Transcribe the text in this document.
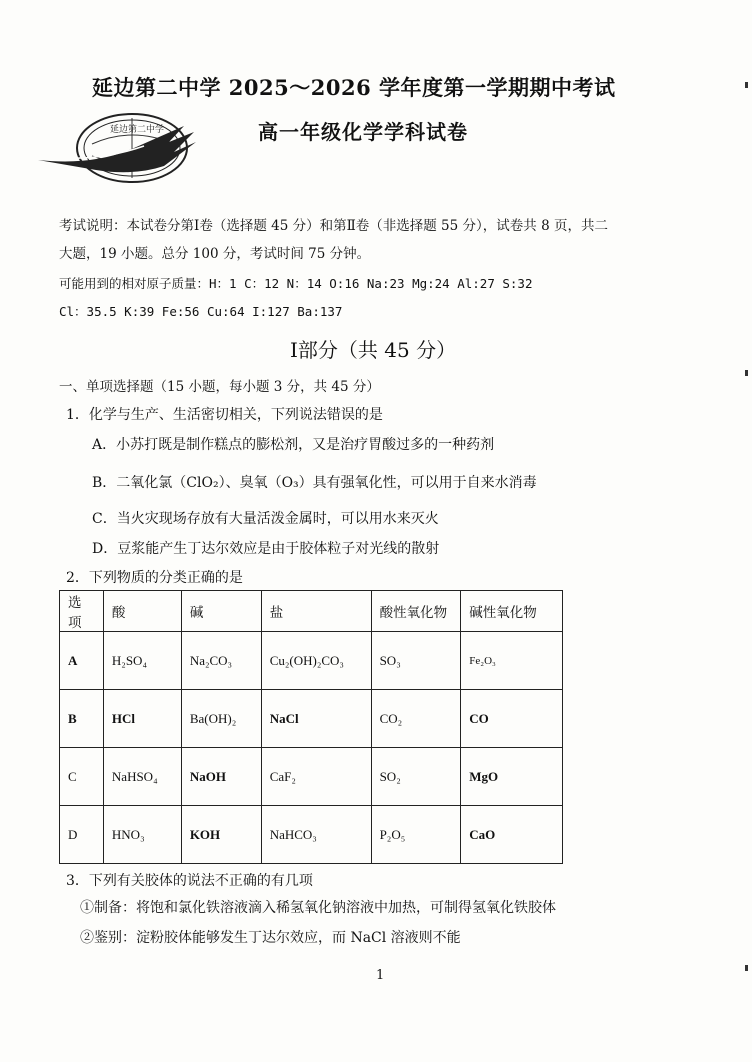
延边第二中学
延边第二中学 2025～2026 学年度第一学期期中考试
高一年级化学学科试卷
考试说明：本试卷分第Ⅰ卷（选择题 45 分）和第Ⅱ卷（非选择题 55 分），试卷共 8 页，共二
大题，19 小题。总分 100 分，考试时间 75 分钟。
可能用到的相对原子质量：H：1 C：12 N：14 O:16 Na:23 Mg:24 Al:27 S:32
Cl：35.5 K:39 Fe:56 Cu:64 I:127 Ba:137
Ⅰ部分（共 45 分）
一、单项选择题（15 小题，每小题 3 分，共 45 分）
1．化学与生产、生活密切相关，下列说法错误的是
A．小苏打既是制作糕点的膨松剂，又是治疗胃酸过多的一种药剂
B．二氧化氯（ClO₂）、臭氧（O₃）具有强氧化性，可以用于自来水消毒
C．当火灾现场存放有大量活泼金属时，可以用水来灭火
D．豆浆能产生丁达尔效应是由于胶体粒子对光线的散射
2．下列物质的分类正确的是
选项	酸	碱	盐	酸性氧化物	碱性氧化物
A	H₂SO₄	Na₂CO₃	Cu₂(OH)₂CO₃	SO₃	Fe₂O₃
B	HCl	Ba(OH)₂	NaCl	CO₂	CO
C	NaHSO₄	NaOH	CaF₂	SO₂	MgO
D	HNO₃	KOH	NaHCO₃	P₂O₅	CaO
3．下列有关胶体的说法不正确的有几项
①制备：将饱和氯化铁溶液滴入稀氢氧化钠溶液中加热，可制得氢氧化铁胶体
②鉴别：淀粉胶体能够发生丁达尔效应，而 NaCl 溶液则不能
1
